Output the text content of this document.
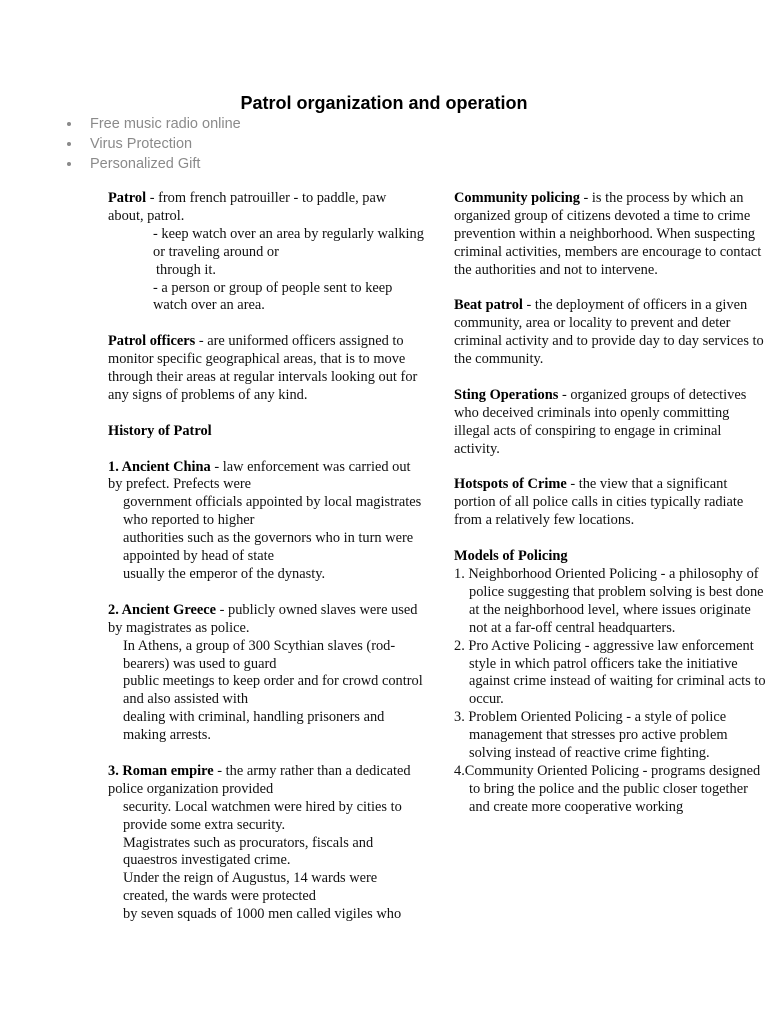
Patrol organization and operation
Free music radio online
Virus Protection
Personalized Gift

Patrol - from french patrouiller - to paddle, paw about, patrol.

- keep watch over an area by regularly walking or traveling around or

through it.

- a person or group of people sent to keep watch over an area.

Patrol officers - are uniformed officers assigned to monitor specific geographical areas, that is to move through their areas at regular intervals looking out for any signs of problems of any kind.

History of Patrol

1. Ancient China - law enforcement was carried out by prefect. Prefects were

government officials appointed by local magistrates who reported to higher

authorities such as the governors who in turn were appointed by head of state

usually the emperor of the dynasty.

2. Ancient Greece - publicly owned slaves were used by magistrates as police.

In Athens, a group of 300 Scythian slaves (rod-bearers) was used to guard

public meetings to keep order and for crowd control and also assisted with

dealing with criminal, handling prisoners and making arrests.

3. Roman empire - the army rather than a dedicated police organization provided

security. Local watchmen were hired by cities to provide some extra security.

Magistrates such as procurators, fiscals and quaestros investigated crime.

Under the reign of Augustus, 14 wards were created, the wards were protected

by seven squads of 1000 men called vigiles who

Community policing - is the process by which an organized group of citizens devoted a time to crime prevention within a neighborhood. When suspecting criminal activities, members are encourage to contact the authorities and not to intervene.

Beat patrol - the deployment of officers in a given community, area or locality to prevent and deter criminal activity and to provide day to day services to the community.

Sting Operations - organized groups of detectives who deceived criminals into openly committing illegal acts of conspiring to engage in criminal activity.

Hotspots of Crime - the view that a significant portion of all police calls in cities typically radiate from a relatively few locations.

Models of Policing

1. Neighborhood Oriented Policing - a philosophy of

police suggesting that problem solving is best done

at the neighborhood level, where issues originate

not at a far-off central headquarters.

2. Pro Active Policing - aggressive law enforcement

style in which patrol officers take the initiative

against crime instead of waiting for criminal acts to

occur.

3. Problem Oriented Policing - a style of police

management that stresses pro active problem

solving instead of reactive crime fighting.

4.Community Oriented Policing - programs designed

to bring the police and the public closer together

and create more cooperative working
